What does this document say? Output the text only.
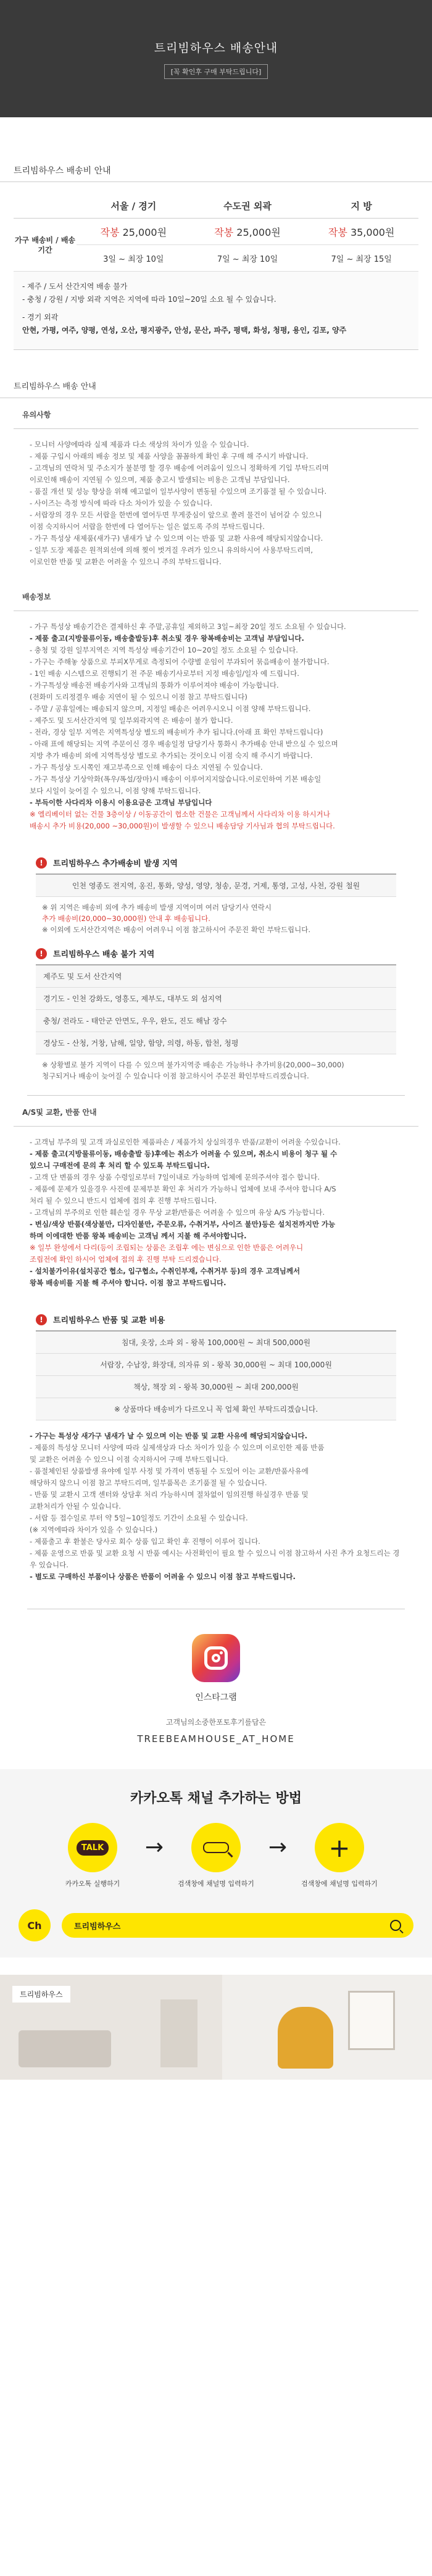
트리빔하우스 배송안내
[꼭 확인후 구매 부탁드립니다]
트리빔하우스 배송비 안내
	서울 / 경기	수도권 외곽	지 방
가구 배송비 / 배송 기간	작봉 25,000원	작봉 25,000원	작봉 35,000원
	3일 ~ 최장 10일	7일 ~ 최장 10일	7일 ~ 최장 15일
- 제주 / 도서 산간지역 배송 불가
- 충청 / 강원 / 지방 외곽 지역은 지역에 따라 10일~20일 소요 될 수 있습니다.
- 경기 외곽
안현, 가평, 여주, 양평, 연성, 오산, 평지광주, 안성, 문산, 파주, 평택, 화성, 청평, 용인, 김포, 양주
트리빔하우스 배송 안내
유의사항

- 모니터 사양에따라 실제 제품과 다소 색상의 차이가 있을 수 있습니다.

- 제품 구입시 아래의 배송 정보 및 제품 사양을 꼼꼼하게 확인 후 구매 해 주시기 바랍니다.

- 고객님의 연락처 및 주소지가 불분명 할 경우 배송에 어려움이 있으니 정확하게 기입 부탁드리며

이로인해 배송이 지연될 수 있으며, 제품 충고시 발생되는 비용은 고객님 부담입니다.

- 품질 개선 및 성능 향상을 위해 예고없이 일부사양이 변동될 수있으며 조기품절 될 수 있습니다.

- 사이즈는 측정 방식에 따라 다소 차이가 있을 수 있습니다.

- 서랍장의 경우 모든 서랍을 한번에 열어두면 무게중심이 앞으로 쏠려 물건이 넘어갈 수 있으니

이점 숙지하시어 서랍을 한번에 다 열어두는 일은 없도록 주의 부탁드립니다.

- 가구 특성상 새제품(새가구) 냄새가 날 수 있으며 이는 반품 및 교환 사유에 해당되지않습니다.

- 일부 도장 제품은 원적외선에 의해 찢이 벗겨질 우려가 있으니 유의하시어 사용부탁드리며,

이로인한 반품 및 교환은 어려울 수 있으니 주의 부탁드립니다.

배송정보

- 가구 특성상 배송기간은 결제하신 후 주말,공휴일 제외하고 3일~최장 20일 정도 소요될 수 있습니다.

- 제품 출고(지방물류이동, 배송출발등)후 취소및 경우 왕복배송비는 고객님 부담입니다.

- 충청 및 강원 일부지역은 지역 특성상 배송기간이 10~20일 정도 소요될 수 있습니다.

- 가구는 주해놓 상품으로 부피X무게로 측정되어 수량별 운임이 부과되어 묶음배송이 불가합니다.

- 1인 배송 시스템으로 진행되기 전 주문 배송기사로부터 지정 배송일/일자 예 드립니다.

- 가구특성상 배송전 배송기사와 고객님의 통화가 이루어져야 배송이 가능합니다.

(전화미 도리정결우 배송 지연이 될 수 있으니 이점 참고 부탁드립니다)

- 주말 / 공휴일에는 배송되지 않으며, 지정일 배송은 어려우시오니 이점 양해 부탁드립니다.

- 제주도 및 도서산간지역 및 일부외곽지역 은 배송이 불가 합니다.

- 전라, 경상 일부 지역은 지역특성상 별도의 배송비가 추가 됩니다.(아래 표 확인 부탁드립니다)

- 아래 표에 해당되는 지역 주문이신 경우 배송일정 담당기사 통화시 추가배송 안내 받으실 수 있으며

지방 추가 배송비 외에 지역특성상 별도로 추가되는 것이오니 이점 숙지 해 주시기 바랍니다.

- 가구 특성상 도시쪽인 재고부족으로 인해 배송이 다소 지연될 수 있습니다.

- 가구 특성상 기상악화(폭우/폭설/장마)시 배송이 이루어지지않습니다.이로인하여 기본 배송일

보다 시일이 늦어질 수 있으니, 이점 양해 부탁드립니다.

- 부득이한 사다리차 이용시 이용요금은 고객님 부담입니다

※ 엘리베이터 없는 건물 3층이상 / 이동공간이 협소한 건물은 고객님께서 사다리차 이용 하시거나

배송시 추가 비용(20,000 ~30,000원)이 발생할 수 있으니 배송담당 기사님과 협의 부탁드립니다.

!	트리빔하우스 추가배송비 발생 지역
인천 영종도 전지역, 옹진, 통화, 양성, 영양, 청송, 문경, 거제, 통영, 고성, 사천, 강원 철원
※ 위 지역은 배송비 외에 추가 배송비 발생 지역이며 여러 담당기사 연락시
추가 배송비(20,000~30,000원) 안내 후 배송됩니다.
※ 이외에 도서산간지역은 배송이 어려우니 이점 참고하시어 주문진 확인 부탁드립니다.
!	트리빔하우스 배송 불가 지역
제주도 및 도서 산간지역
경기도 - 인천 강화도, 영흥도, 제부도, 대부도 외 섬지역
충청/ 전라도 - 태안군 안면도, 우우, 완도, 진도 해남 장수
경상도 - 산청, 거창, 남해, 일양, 함양, 의령, 하동, 합천, 청평
※ 상황별로 불가 지역이 다를 수 있으며 불가지역중 배송은 가능하나 추가비용(20,000~30,000)
청구되거나 배송이 늦어질 수 있습니다 이점 참고하시어 주문전 확인부탁드리겠습니다.
A/S및 교환, 반품 안내

- 고객님 부주의 및 고객 과실로인한 제품파손 / 제품가치 상실의경우 반품/교환이 어려울 수있습니다.

- 제품 출고(지방물류이동, 배송출발 등)후에는 취소가 어려울 수 있으며, 취소시 비용이 청구 될 수

있으니 구매전에 문의 후 처리 할 수 있도록 부탁드립니다.

- 고객 단 변품의 경우 상품 수령일로부터 7일이내로 가능하며 업체에 문의주셔야 접수 합니다.

- 제품에 문제가 있을경우 사진에 문제부분 확인 후 처리가 가능하니 업체에 보내 주셔야 합니다 A/S

처리 될 수 있으니 반드시 업체에 접의 후 진행 부탁드립니다.

- 고객님의 부주의로 인한 훼손일 경우 무상 교환/반품은 어려울 수 있으며 유상 A/S 가능합니다.

- 변심/색상 반품(색상불만, 디자인불만, 주문오류, 수취거부, 사이즈 불만)등은 설치전까지만 가능

하며 이에대한 반품 왕복 배송비는 고객님 께서 지불 해 주셔야합니다.

※ 일부 완성에서 다리(등이 조립되는 상품은 조립후 에는 변심으로 인한 반품은 어려우니

조립전에 확인 하시어 업체에 접의 후 진행 부탁 드리겠습니다.

- 설치불가이유(설치공간 협소, 입구협소, 수취인부재, 수취거부 등)의 경우 고객님께서

왕복 배송비를 지불 해 주셔야 합니다. 이점 참고 부탁드립니다.

!	트리빔하우스 반품 및 교환 비용
침대, 옷장, 소파 외 - 왕복 100,000원 ~ 최대 500,000원
서랍장, 수납장, 화장대, 의자류 외 - 왕복 30,000원 ~ 최대 100,000원
책상, 책장 외 - 왕복 30,000원 ~ 최대 200,000원
※ 상품마다 배송비가 다르오니 꼭 업체 확인 부탁드리겠습니다.

- 가구는 특성상 새가구 냄새가 날 수 있으며 이는 반품 및 교환 사유에 해당되지않습니다.

- 제품의 특성상 모니터 사양에 따라 실제색상과 다소 차이가 있을 수 있으며 이로인한 제품 반품

및 교환은 어려울 수 있으니 이점 숙지하시어 구매 부탁드립니다.

- 품절체인된 상품발생 유야에 일부 사정 및 가격이 변동될 수 도있어 이는 교환/반품사유에

해당하지 않으니 이점 참고 부탁드리며, 일부품목은 조기품절 될 수 있습니다.

- 반품 및 교환시 고객 센터와 상담후 처리 가능하시며 절차없이 임의진행 하실경우 반품 및

교환처리가 안될 수 있습니다.

- 서랍 등 접수일로 부터 약 5일~10일정도 기간이 소요될 수 있습니다.

(※ 지역에따라 차이가 있을 수 있습니다.)

- 제품출고 후 환불은 당사로 회수 상품 입고 확인 후 진행이 이루어 집니다.

- 제품 운영으로 반품 및 교환 요청 시 반품 예시는 사전확인이 필요 할 수 있으니 이점 참고하셔 사진 추가 요청드리는 경우 있습니다.

- 별도로 구매하신 부품이나 상품은 반품이 어려울 수 있으니 이점 참고 부탁드립니다.

인스타그램
고객님의소중한포토후기를담은
TREEBEAMHOUSE_AT_HOME
카카오톡 채널 추가하는 방법
TALK
카카오톡 실행하기
→
검색창에 채널명 입력하기
→	+
검색창에 채널명 입력하기
Ch	트리빔하우스
트리빔하우스
